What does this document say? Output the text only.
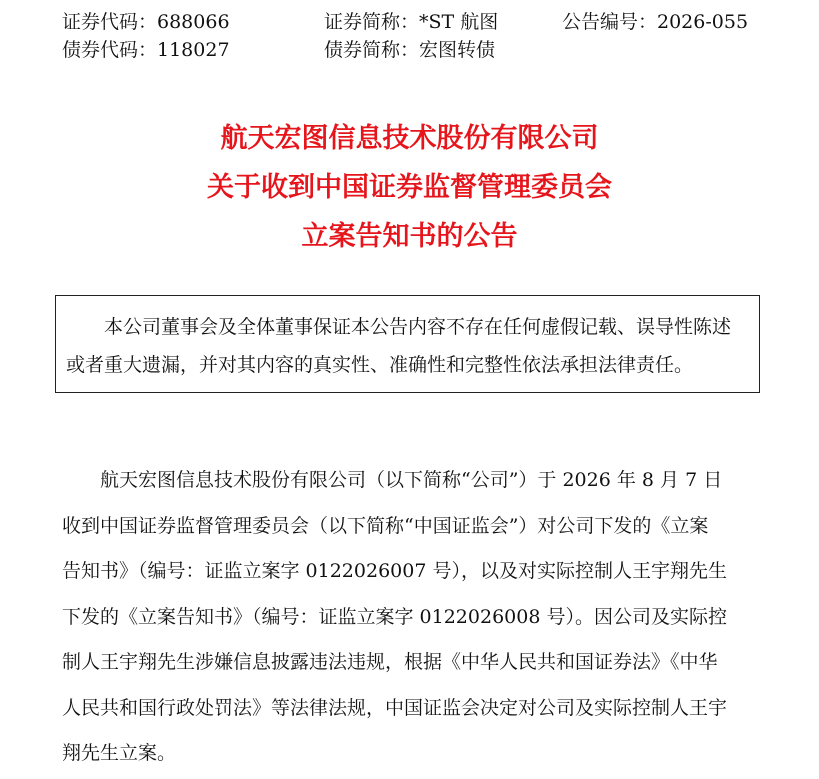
证券代码：688066	证券简称：*ST 航图	公告编号：2026-055
债券代码：118027	债券简称：宏图转债
航天宏图信息技术股份有限公司
关于收到中国证券监督管理委员会
立案告知书的公告
本公司董事会及全体董事保证本公告内容不存在任何虚假记载、误导性陈述
或者重大遗漏，并对其内容的真实性、准确性和完整性依法承担法律责任。
航天宏图信息技术股份有限公司（以下简称“公司”）于 2026 年 8 月 7 日
收到中国证券监督管理委员会（以下简称“中国证监会”）对公司下发的《立案
告知书》（编号：证监立案字 0122026007 号），以及对实际控制人王宇翔先生
下发的《立案告知书》（编号：证监立案字 0122026008 号）。因公司及实际控
制人王宇翔先生涉嫌信息披露违法违规，根据《中华人民共和国证券法》《中华
人民共和国行政处罚法》等法律法规，中国证监会决定对公司及实际控制人王宇
翔先生立案。
